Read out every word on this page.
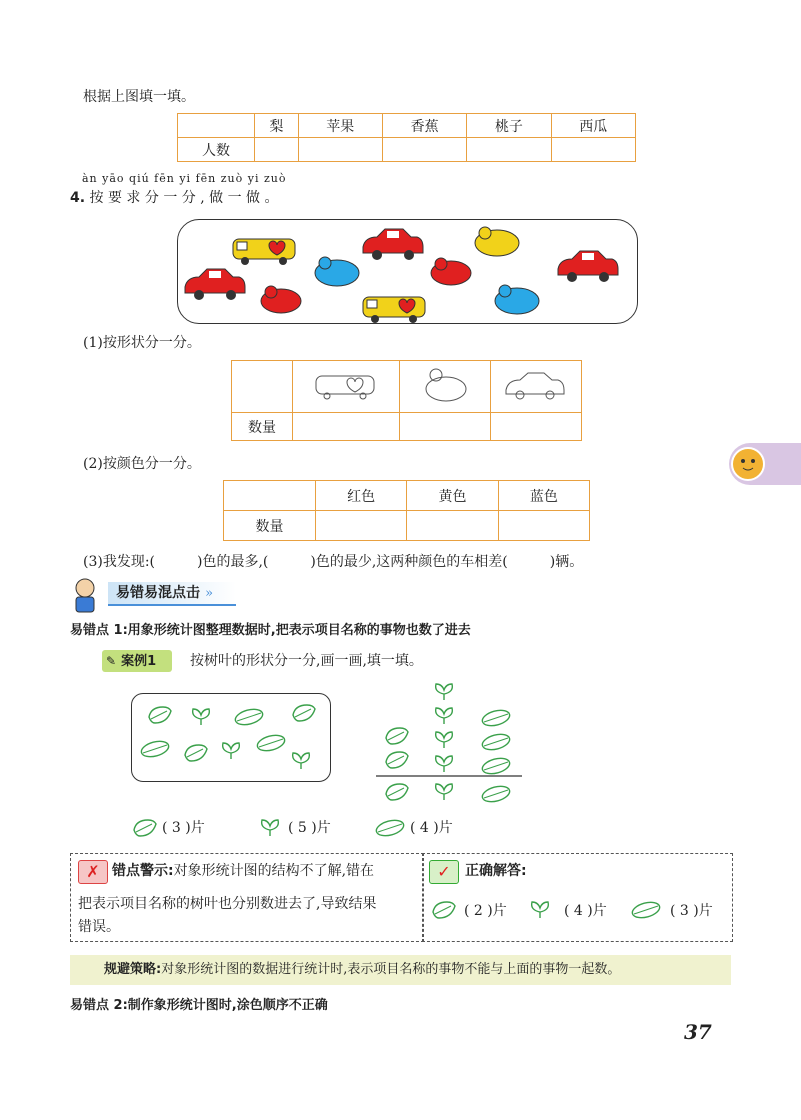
根据上图填一填。
	梨	苹果	香蕉	桃子	西瓜
人数					
àn yāo qiú fēn yi fēn zuò yi zuò
4. 按 要 求 分 一 分 , 做 一 做 。
(1)按形状分一分。

数量			
(2)按颜色分一分。
	红色	黄色	蓝色
数量			
(3)我发现:(　　　)色的最多,(　　　)色的最少,这两种颜色的车相差(　　　)辆。
易错易混点击 »
易错点 1:用象形统计图整理数据时,把表示项目名称的事物也数了进去
✎ 案例1	按树叶的形状分一分,画一画,填一填。
( 3 )片	( 5 )片	( 4 )片
✗ 错点警示:对象形统计图的结构不了解,错在
把表示项目名称的树叶也分别数进去了,导致结果
错误。
✓	正确解答:
( 2 )片	( 4 )片	( 3 )片
规避策略:对象形统计图的数据进行统计时,表示项目名称的事物不能与上面的事物一起数。
易错点 2:制作象形统计图时,涂色顺序不正确
37
